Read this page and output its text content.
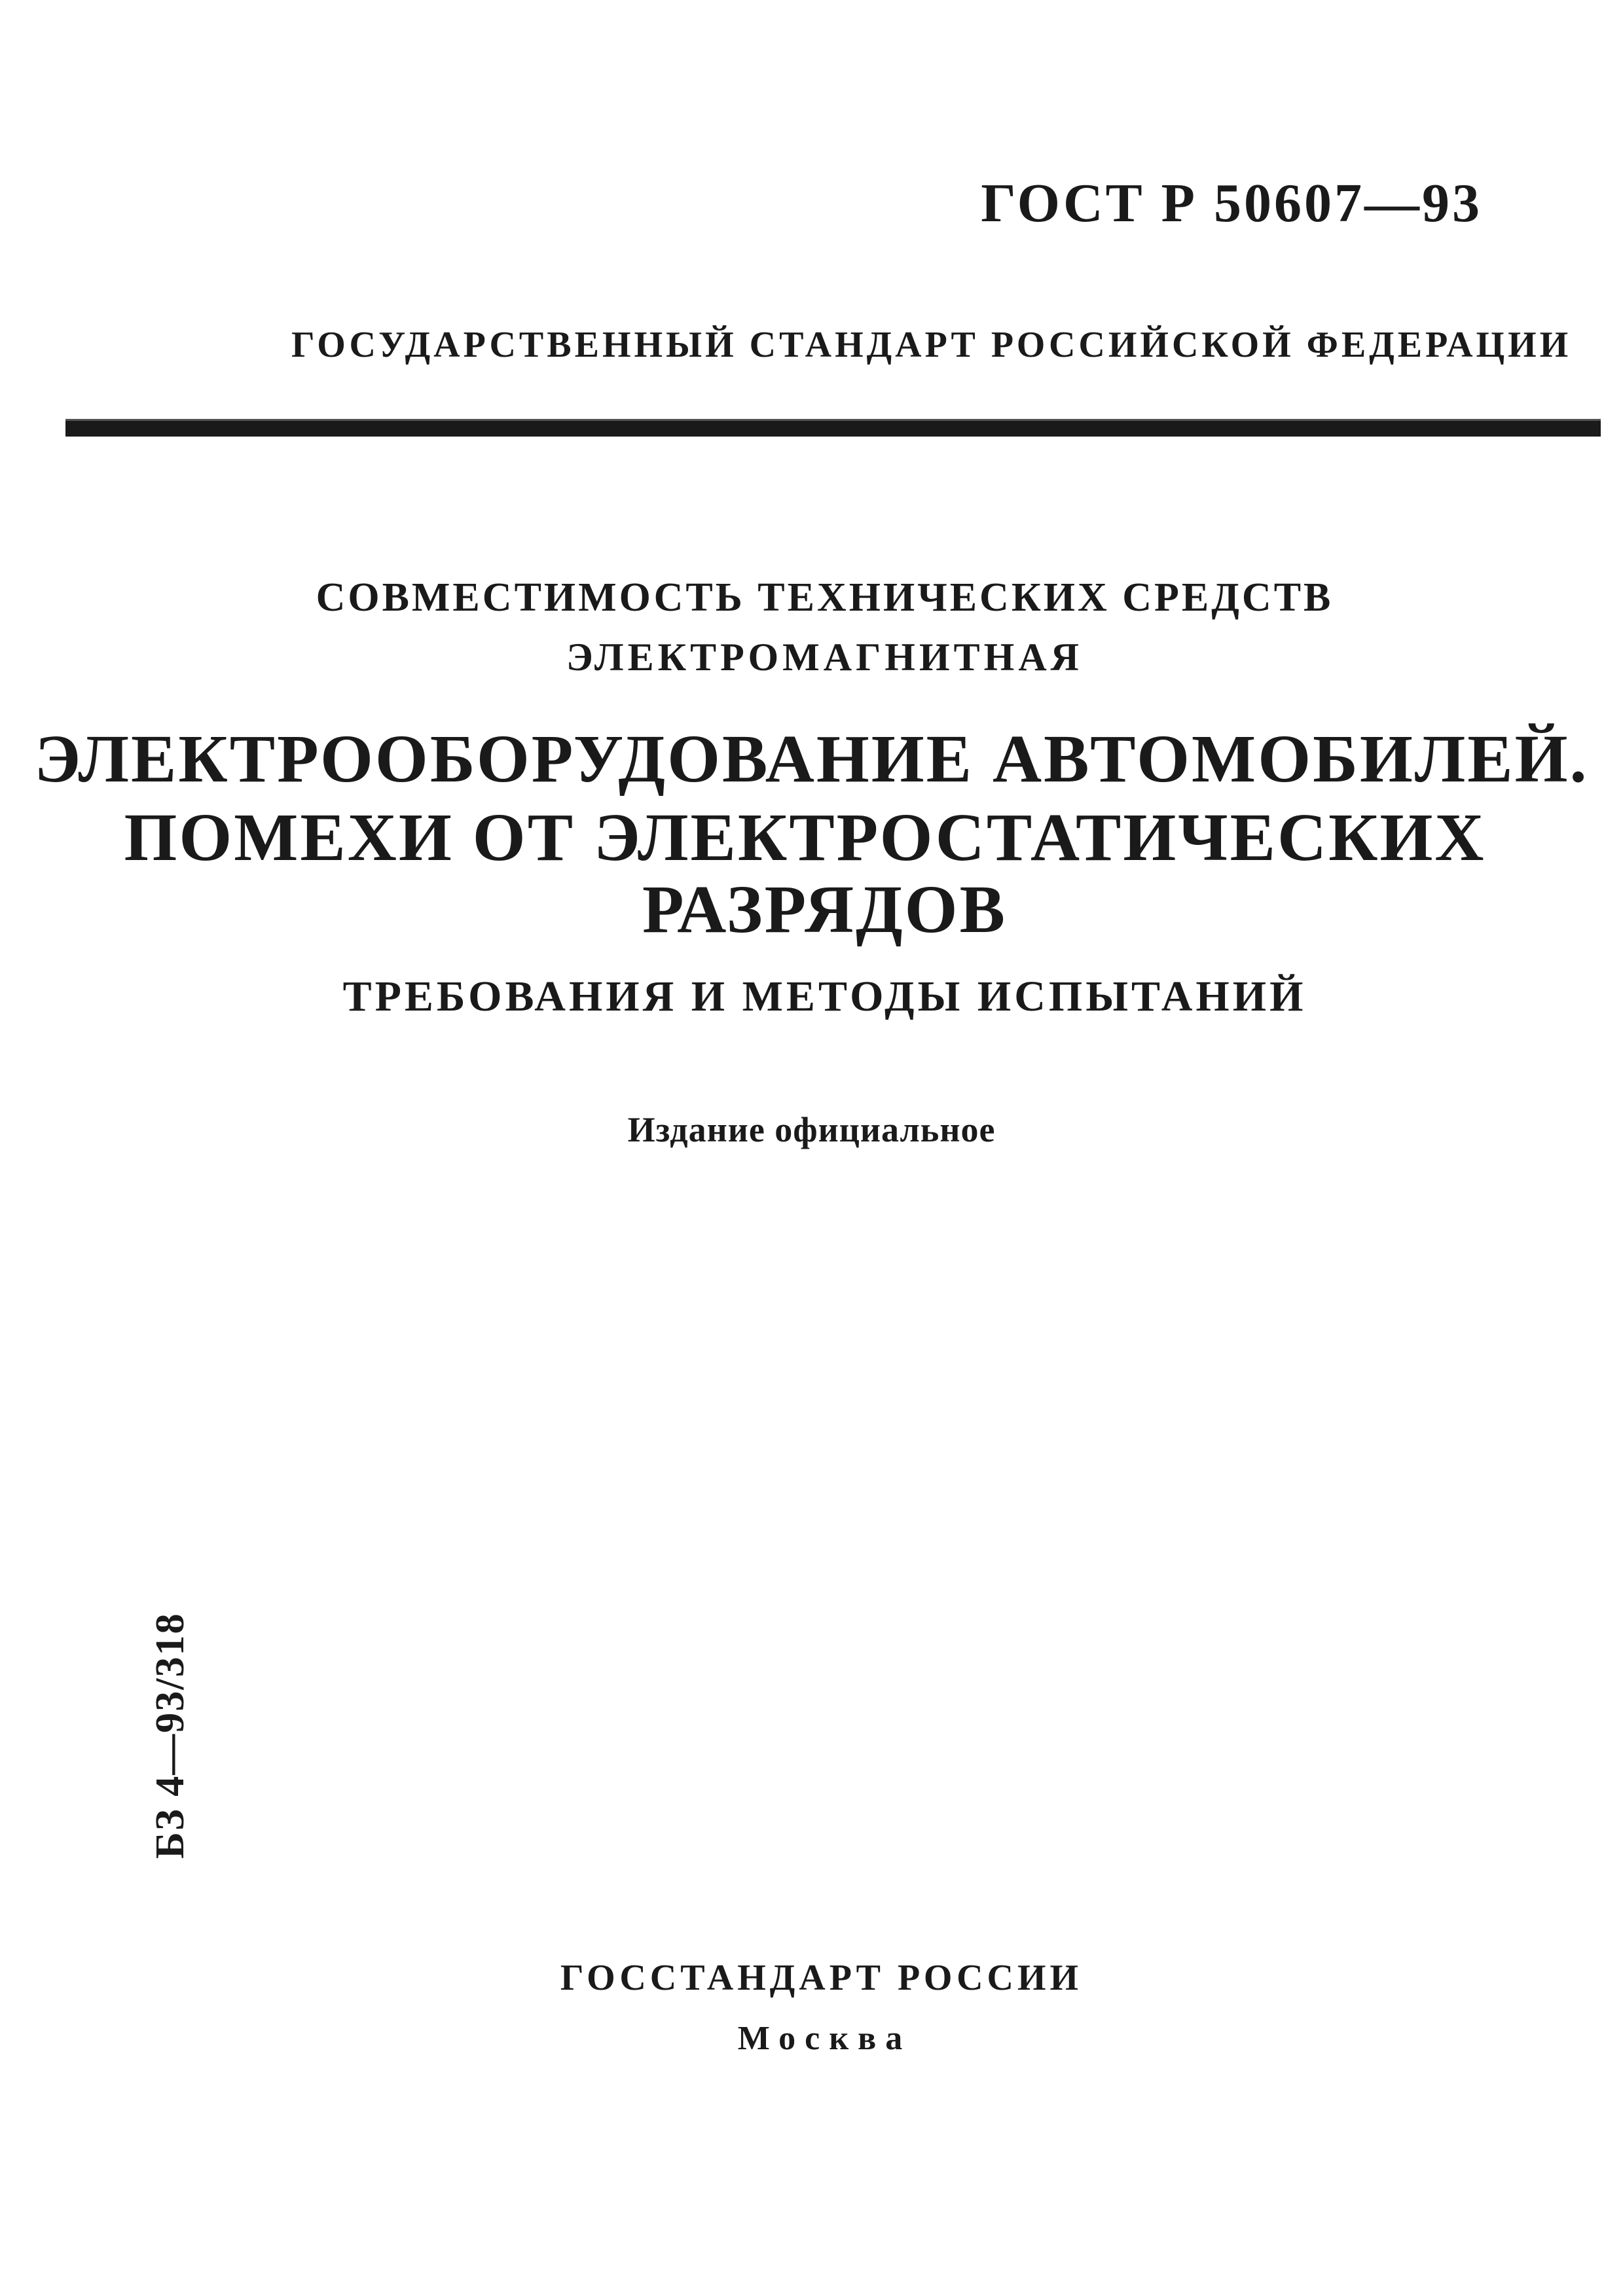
ГОСТ Р 50607—93
ГОСУДАРСТВЕННЫЙ СТАНДАРТ РОССИЙСКОЙ ФЕДЕРАЦИИ
СОВМЕСТИМОСТЬ ТЕХНИЧЕСКИХ СРЕДСТВ
ЭЛЕКТРОМАГНИТНАЯ
ЭЛЕКТРООБОРУДОВАНИЕ АВТОМОБИЛЕЙ.
ПОМЕХИ ОТ ЭЛЕКТРОСТАТИЧЕСКИХ
РАЗРЯДОВ
ТРЕБОВАНИЯ И МЕТОДЫ ИСПЫТАНИЙ
Издание официальное
БЗ 4—93/318
ГОССТАНДАРТ РОССИИ
Москва
